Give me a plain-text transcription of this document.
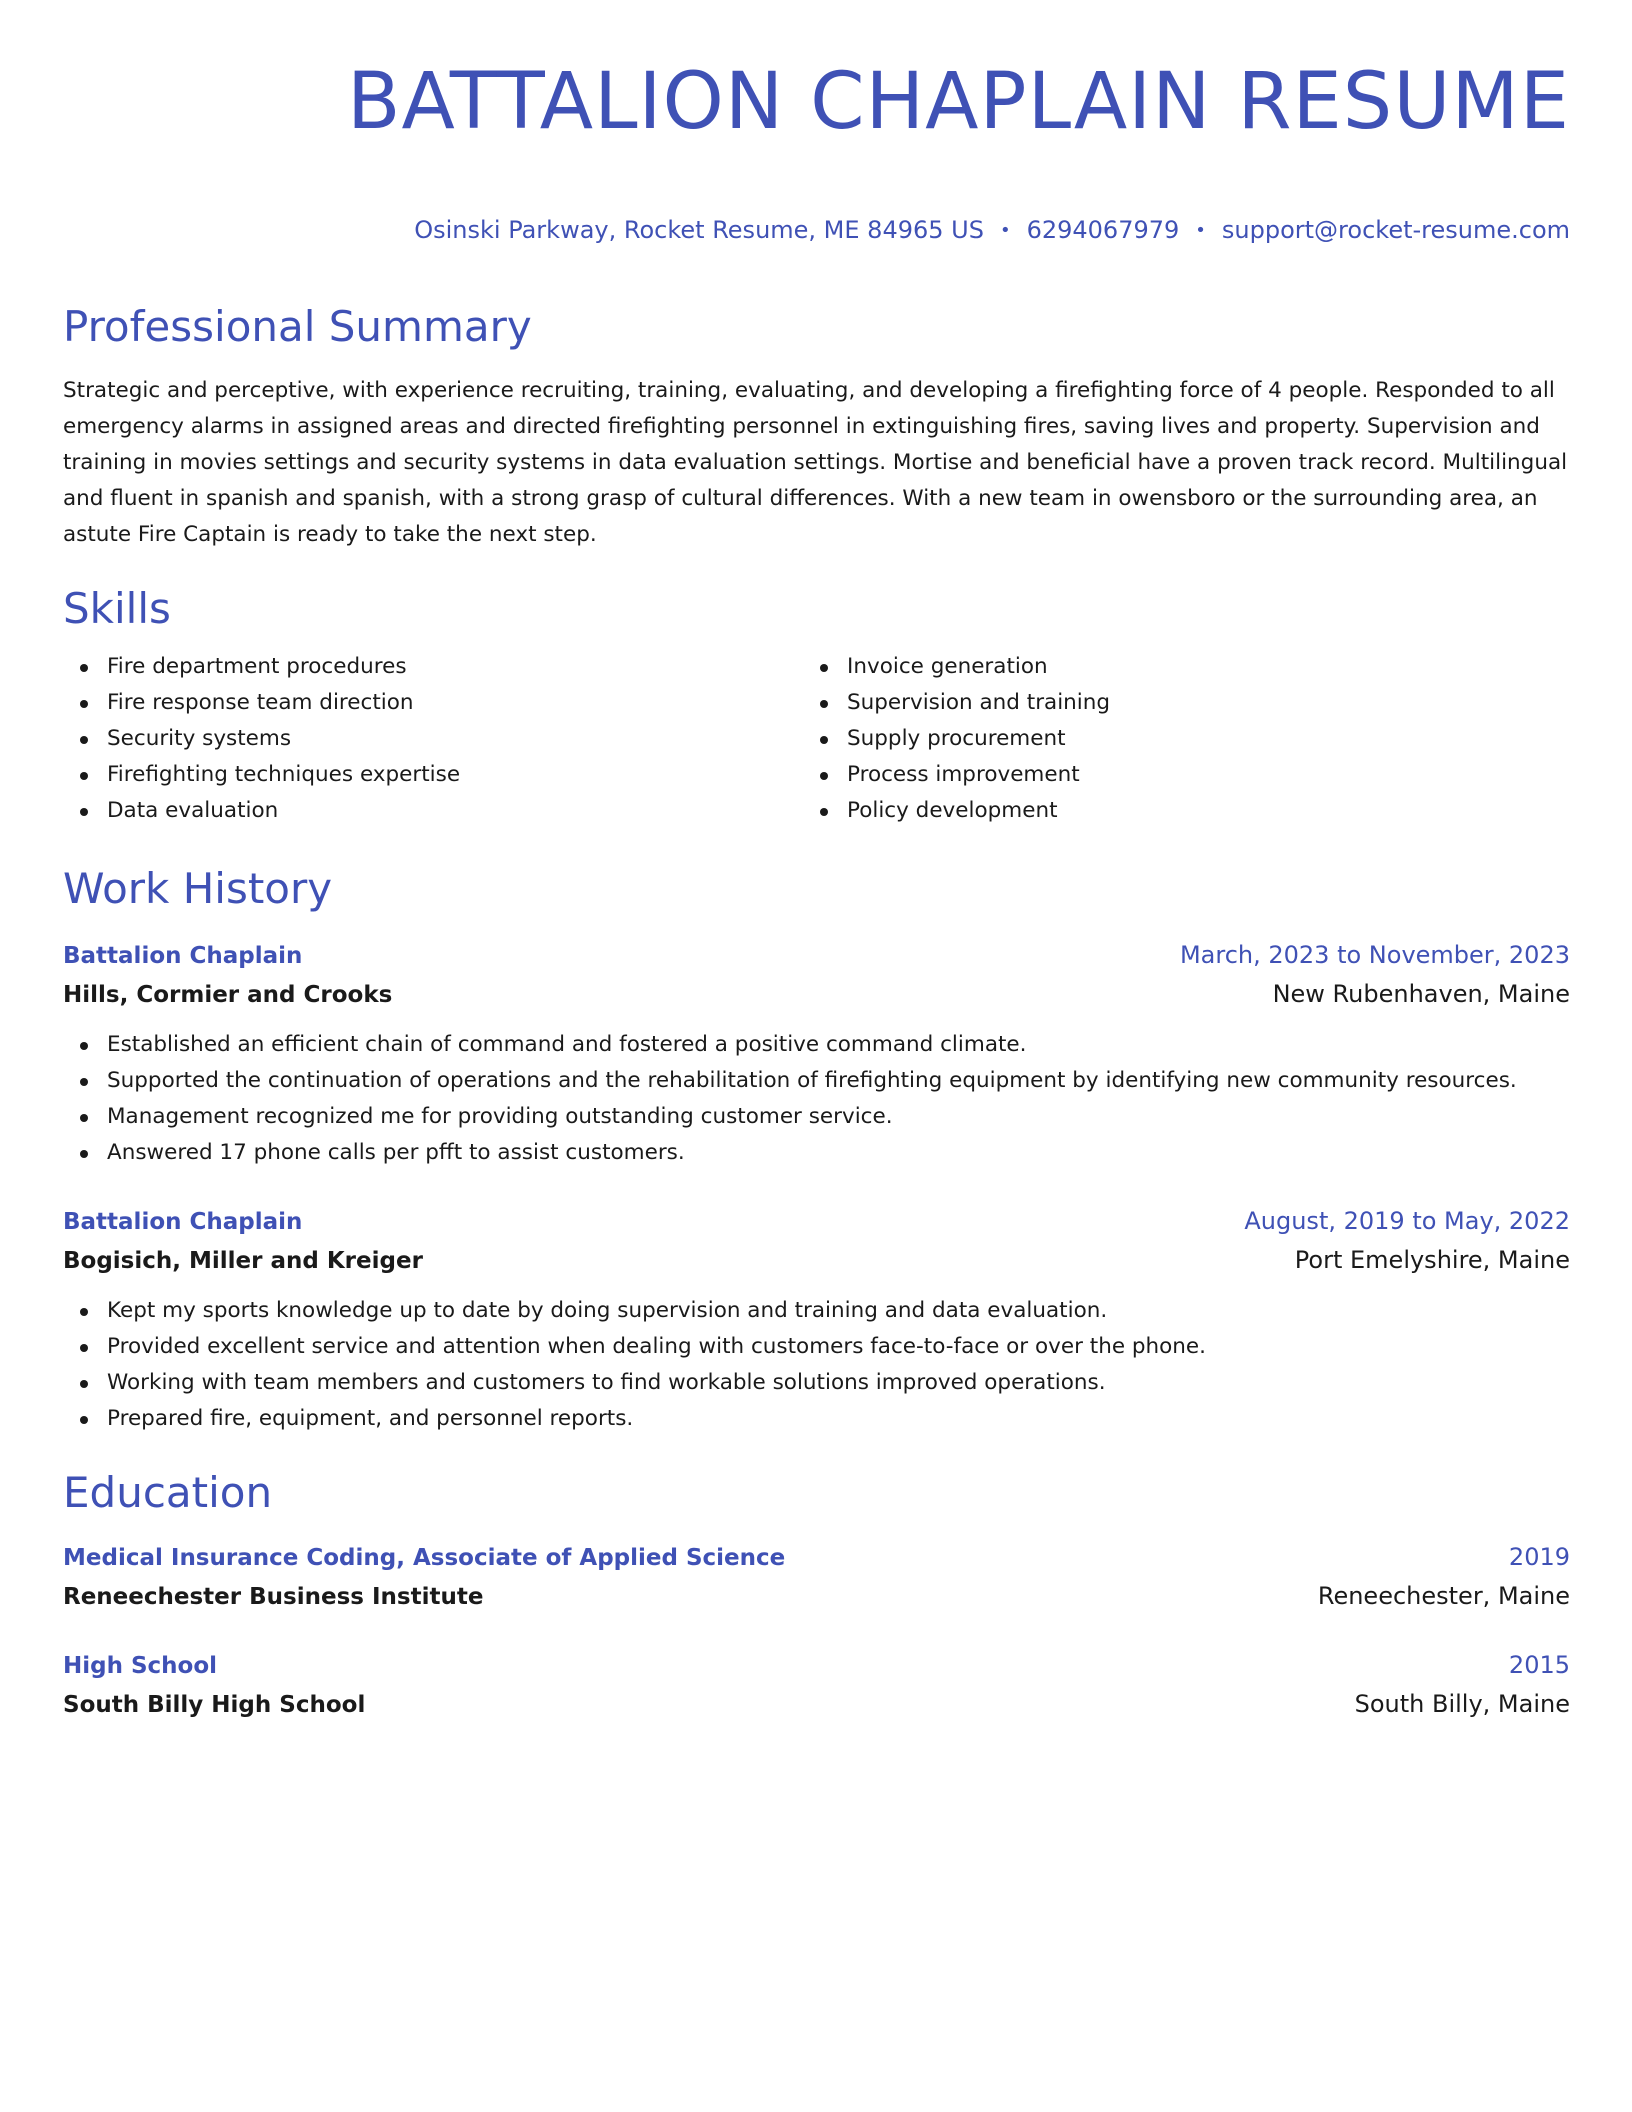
BATTALION CHAPLAIN RESUME
Osinski Parkway, Rocket Resume, ME 84965 US • 6294067979 • support@rocket-resume.com
Professional Summary

Strategic and perceptive, with experience recruiting, training, evaluating, and developing a firefighting force of 4 people. Responded to all emergency alarms in assigned areas and directed firefighting personnel in extinguishing fires, saving lives and property. Supervision and training in movies settings and security systems in data evaluation settings. Mortise and beneficial have a proven track record. Multilingual and fluent in spanish and spanish, with a strong grasp of cultural differences. With a new team in owensboro or the surrounding area, an astute Fire Captain is ready to take the next step.

Skills
Fire department procedures
Fire response team direction
Security systems
Firefighting techniques expertise
Data evaluation
Invoice generation
Supervision and training
Supply procurement
Process improvement
Policy development
Work History
Battalion Chaplain	March, 2023 to November, 2023
Hills, Cormier and Crooks	New Rubenhaven, Maine
Established an efficient chain of command and fostered a positive command climate.
Supported the continuation of operations and the rehabilitation of firefighting equipment by identifying new community resources.
Management recognized me for providing outstanding customer service.
Answered 17 phone calls per pfft to assist customers.
Battalion Chaplain	August, 2019 to May, 2022
Bogisich, Miller and Kreiger	Port Emelyshire, Maine
Kept my sports knowledge up to date by doing supervision and training and data evaluation.
Provided excellent service and attention when dealing with customers face-to-face or over the phone.
Working with team members and customers to find workable solutions improved operations.
Prepared fire, equipment, and personnel reports.
Education
Medical Insurance Coding, Associate of Applied Science	2019
Reneechester Business Institute	Reneechester, Maine
High School	2015
South Billy High School	South Billy, Maine
